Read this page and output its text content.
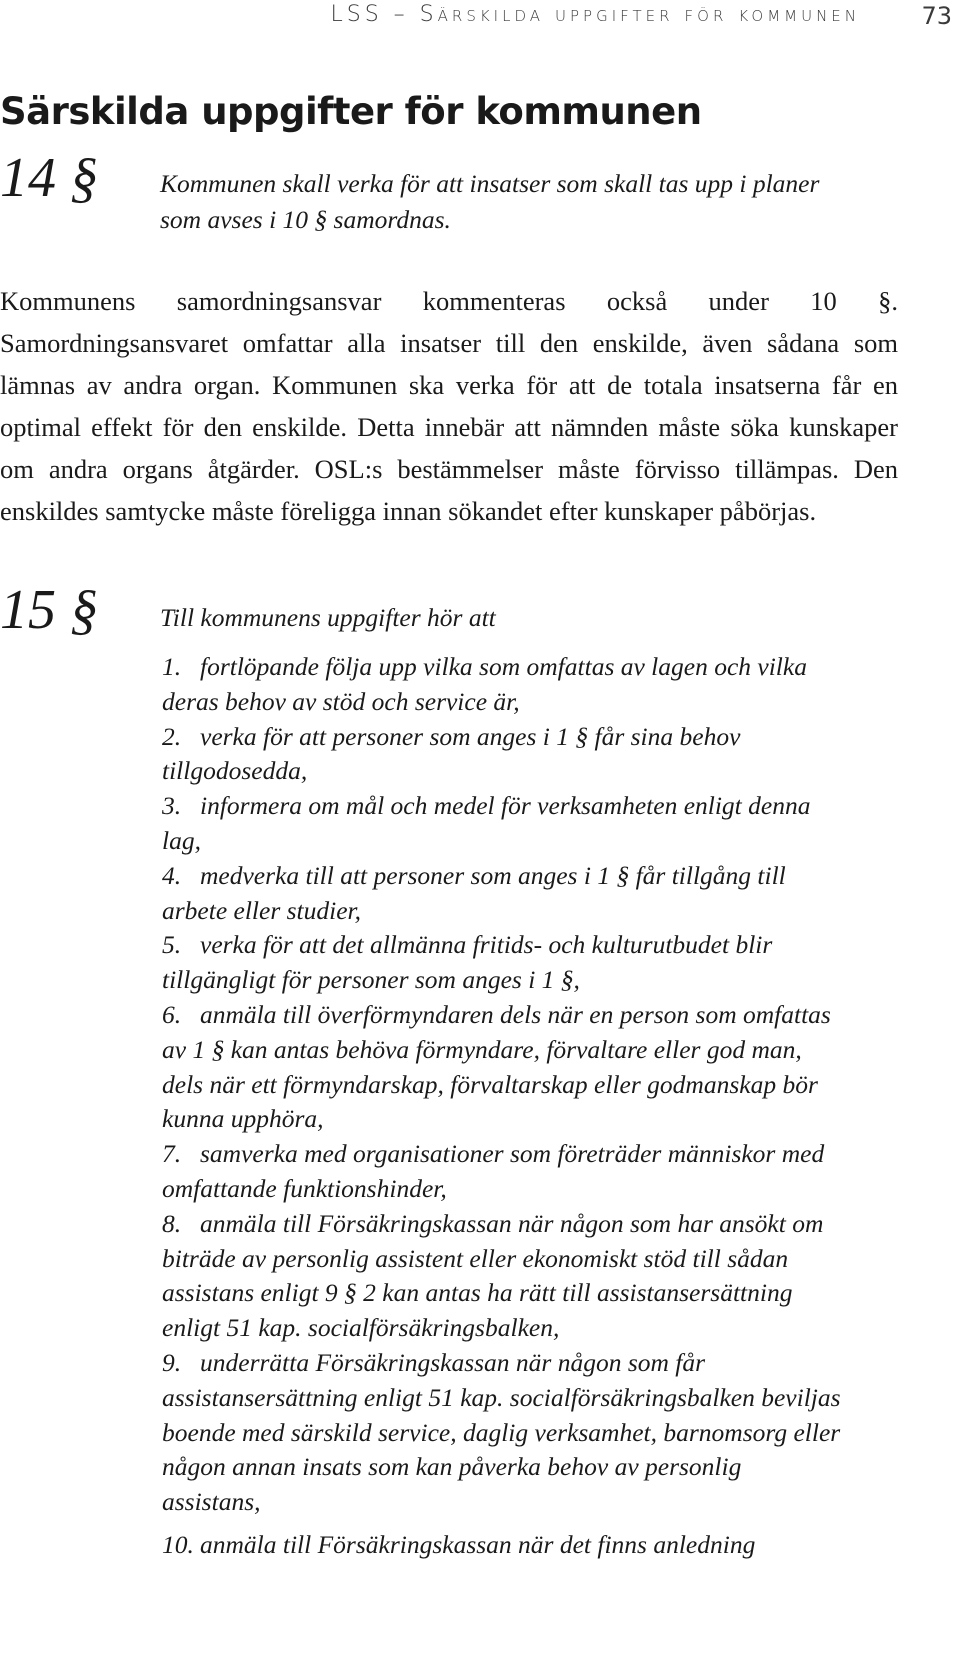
LSS – Särskilda uppgifter för kommunen	73
Särskilda uppgifter för kommunen
14 § Kommunen skall verka för att insatser som skall tas upp i planer som avses i 10 § samordnas.

Kommunens samordningsansvar kommenteras också under 10 §. Samordningsansvaret omfattar alla insatser till den enskilde, även sådana som lämnas av andra organ. Kommunen ska verka för att de totala insatserna får en optimal effekt för den enskilde. Detta innebär att nämnden måste söka kunskaper om andra organs åtgärder. OSL:s bestämmelser måste förvisso tillämpas. Den enskildes samtycke måste föreligga innan sökandet efter kunskaper påbörjas.

15 § Till kommunens uppgifter hör att

1. fortlöpande följa upp vilka som omfattas av lagen och vilka deras behov av stöd och service är,
2. verka för att personer som anges i 1 § får sina behov tillgodosedda,
3. informera om mål och medel för verksamheten enligt denna lag,
4. medverka till att personer som anges i 1 § får tillgång till arbete eller studier,
5. verka för att det allmänna fritids- och kulturutbudet blir tillgängligt för personer som anges i 1 §,
6. anmäla till överförmyndaren dels när en person som omfattas av 1 § kan antas behöva förmyndare, förvaltare eller god man, dels när ett förmyndarskap, förvaltarskap eller godmanskap bör kunna upphöra,
7. samverka med organisationer som företräder människor med omfattande funktionshinder,
8. anmäla till Försäkringskassan när någon som har ansökt om biträde av personlig assistent eller ekonomiskt stöd till sådan assistans enligt 9 § 2 kan antas ha rätt till assistansersättning enligt 51 kap. socialförsäkringsbalken,
9. underrätta Försäkringskassan när någon som får assistansersättning enligt 51 kap. socialförsäkringsbalken beviljas boende med särskild service, daglig verksamhet, barnomsorg eller någon annan insats som kan påverka behov av personlig assistans,
10. anmäla till Försäkringskassan när det finns anledning
